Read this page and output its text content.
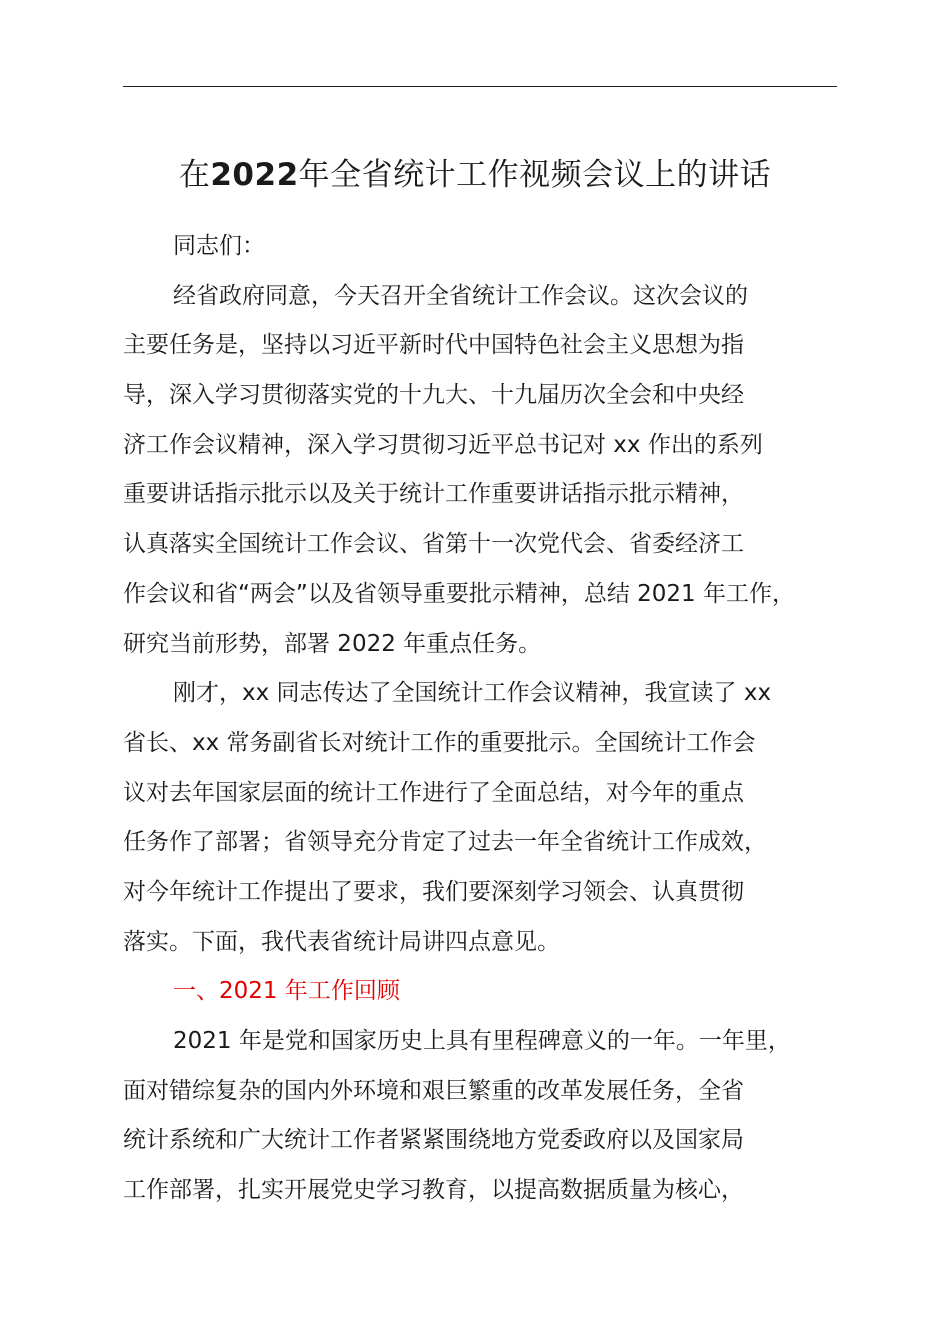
在2022年全省统计工作视频会议上的讲话
同志们：
经省政府同意，今天召开全省统计工作会议。这次会议的
主要任务是，坚持以习近平新时代中国特色社会主义思想为指
导，深入学习贯彻落实党的十九大、十九届历次全会和中央经
济工作会议精神，深入学习贯彻习近平总书记对 xx 作出的系列
重要讲话指示批示以及关于统计工作重要讲话指示批示精神，
认真落实全国统计工作会议、省第十一次党代会、省委经济工
作会议和省“两会”以及省领导重要批示精神，总结 2021 年工作，
研究当前形势，部署 2022 年重点任务。
刚才，xx 同志传达了全国统计工作会议精神，我宣读了 xx
省长、xx 常务副省长对统计工作的重要批示。全国统计工作会
议对去年国家层面的统计工作进行了全面总结，对今年的重点
任务作了部署；省领导充分肯定了过去一年全省统计工作成效，
对今年统计工作提出了要求，我们要深刻学习领会、认真贯彻
落实。下面，我代表省统计局讲四点意见。
一、2021 年工作回顾
2021 年是党和国家历史上具有里程碑意义的一年。一年里，
面对错综复杂的国内外环境和艰巨繁重的改革发展任务，全省
统计系统和广大统计工作者紧紧围绕地方党委政府以及国家局
工作部署，扎实开展党史学习教育，以提高数据质量为核心，
